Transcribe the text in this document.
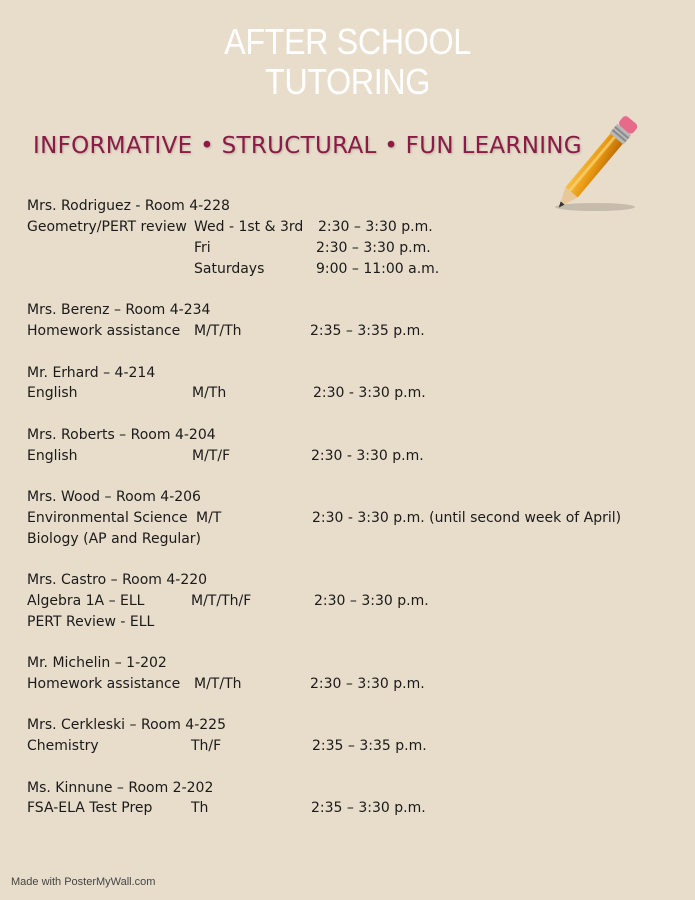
AFTER SCHOOL
TUTORING
INFORMATIVE • STRUCTURAL • FUN LEARNING
Mrs. Rodriguez - Room 4-228
Geometry/PERT review Wed - 1st & 3rd 2:30 – 3:30 p.m.
Fri	2:30 – 3:30 p.m.
Saturdays	9:00 – 11:00 a.m.
Mrs. Berenz – Room 4-234
Homework assistance M/T/Th	2:35 – 3:35 p.m.
Mr. Erhard – 4-214
English	M/Th	2:30 - 3:30 p.m.
Mrs. Roberts – Room 4-204
English	M/T/F	2:30 - 3:30 p.m.
Mrs. Wood – Room 4-206
Environmental Science M/T	2:30 - 3:30 p.m. (until second week of April)
Biology (AP and Regular)
Mrs. Castro – Room 4-220
Algebra 1A – ELL	M/T/Th/F	2:30 – 3:30 p.m.
PERT Review - ELL
Mr. Michelin – 1-202
Homework assistance M/T/Th	2:30 – 3:30 p.m.
Mrs. Cerkleski – Room 4-225
Chemistry	Th/F	2:35 – 3:35 p.m.
Ms. Kinnune – Room 2-202
FSA-ELA Test Prep	Th	2:35 – 3:30 p.m.
Made with PosterMyWall.com
